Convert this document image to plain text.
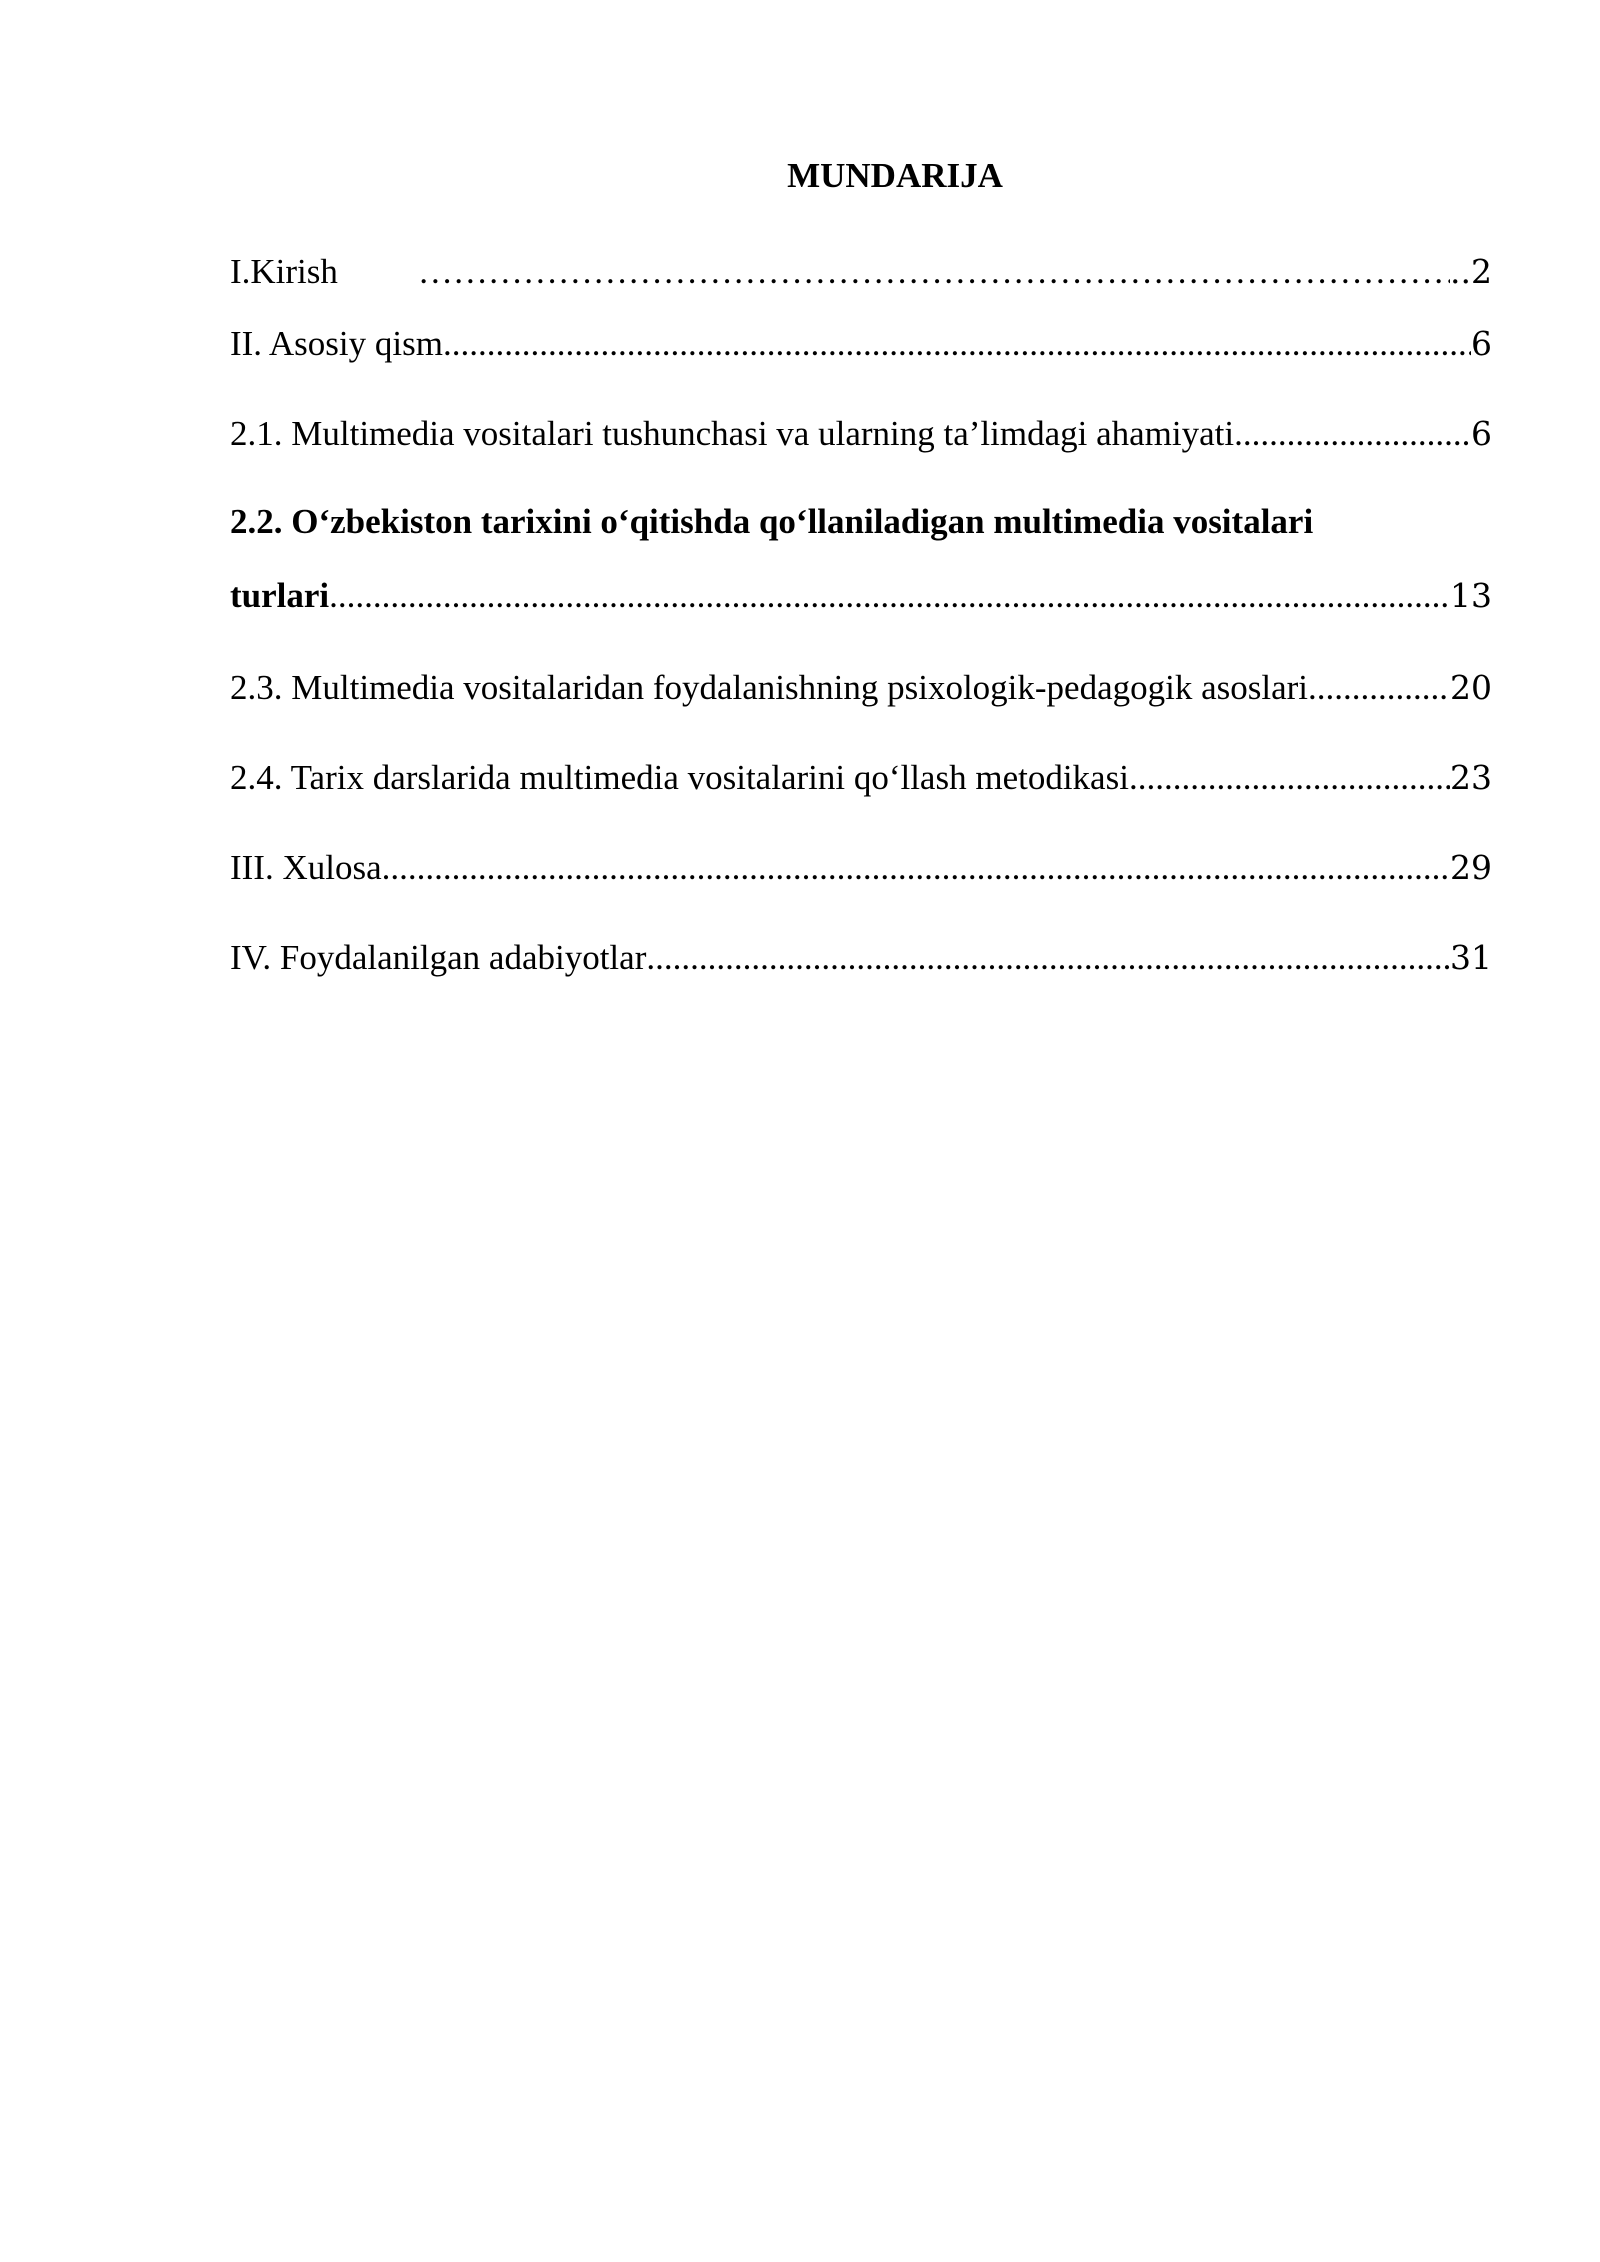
MUNDARIJA
I.Kirish ……………………………………………………………………………………………………………………………………………………………………	..2
II. Asosiy qism .....	6
2.1. Multimedia vositalari tushunchasi va ularning ta’limdagi ahamiyati .....	6
2.2. O‘zbekiston tarixini o‘qitishda qo‘llaniladigan multimedia vositalari
turlari .....	13
2.3. Multimedia vositalaridan foydalanishning psixologik-pedagogik asoslari .....	20
2.4. Tarix darslarida multimedia vositalarini qo‘llash metodikasi .....	23
III. Xulosa .....	29
IV. Foydalanilgan adabiyotlar .....	31
